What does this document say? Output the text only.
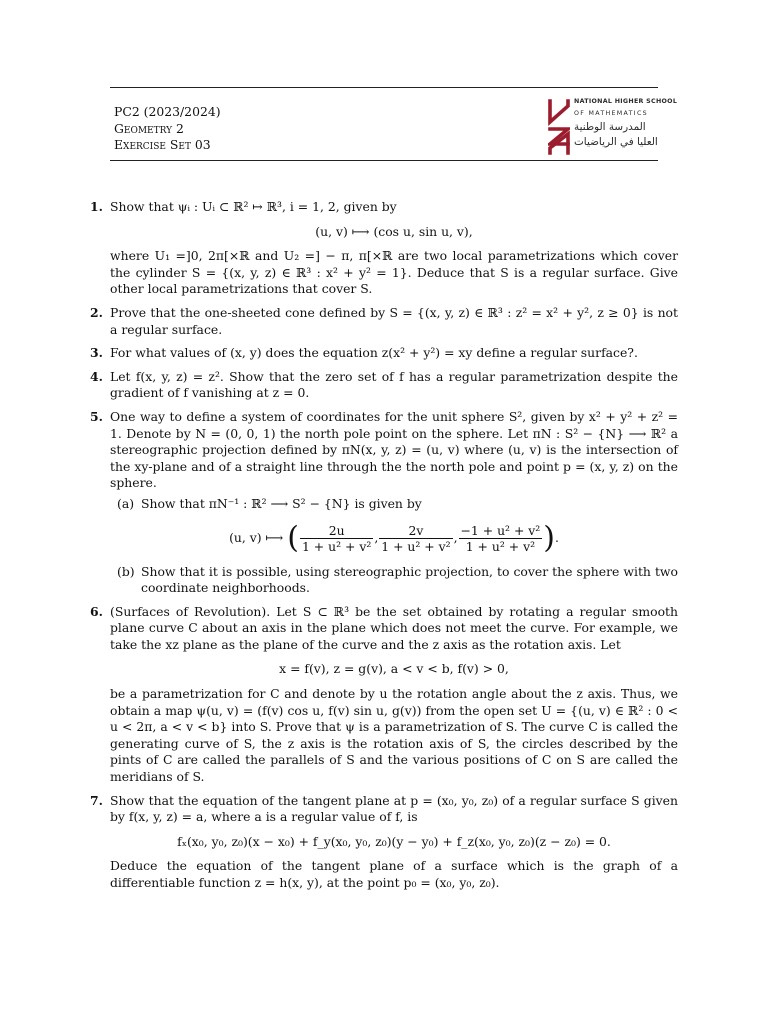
PC2 (2023/2024)
Geometry 2
Exercise Set 03
NATIONAL HIGHER SCHOOL
OF MATHEMATICS
المدرسة الوطنية
العليا في الرياضيات
1. Show that ψᵢ : Uᵢ ⊂ ℝ² ↦ ℝ³, i = 1, 2, given by

(u, v) ⟼ (cos u, sin u, v),

where U₁ =]0, 2π[×ℝ and U₂ =] − π, π[×ℝ are two local parametrizations which cover the cylinder S = {(x, y, z) ∈ ℝ³ : x² + y² = 1}. Deduce that S is a regular surface. Give other local parametrizations that cover S.

2. Prove that the one-sheeted cone defined by S = {(x, y, z) ∈ ℝ³ : z² = x² + y², z ≥ 0} is not a regular surface.

3. For what values of (x, y) does the equation z(x² + y²) = xy define a regular surface?.

4. Let f(x, y, z) = z². Show that the zero set of f has a regular parametrization despite the gradient of f vanishing at z = 0.

5. One way to define a system of coordinates for the unit sphere S², given by x² + y² + z² = 1. Denote by N = (0, 0, 1) the north pole point on the sphere. Let πN : S² − {N} ⟶ ℝ² a stereographic projection defined by πN(x, y, z) = (u, v) where (u, v) is the intersection of the xy-plane and of a straight line through the the north pole and point p = (x, y, z) on the sphere.

(a) Show that πN⁻¹ : ℝ² ⟶ S² − {N} is given by

(u, v) ⟼ ( $\frac{2u}{\text{1 + u² + v²}}$ , $\frac{2v}{\text{1 + u² + v²}}$ , $\frac{\text{−1 + u² + v²}}{\text{1 + u² + v²}}$ ).
(b) Show that it is possible, using stereographic projection, to cover the sphere with two coordinate neighborhoods.

6. (Surfaces of Revolution). Let S ⊂ ℝ³ be the set obtained by rotating a regular smooth plane curve C about an axis in the plane which does not meet the curve. For example, we take the xz plane as the plane of the curve and the z axis as the rotation axis. Let

x = f(v), z = g(v), a < v < b, f(v) > 0,

be a parametrization for C and denote by u the rotation angle about the z axis. Thus, we obtain a map ψ(u, v) = (f(v) cos u, f(v) sin u, g(v)) from the open set U = {(u, v) ∈ ℝ² : 0 < u < 2π, a < v < b} into S. Prove that ψ is a parametrization of S. The curve C is called the generating curve of S, the z axis is the rotation axis of S, the circles described by the pints of C are called the parallels of S and the various positions of C on S are called the meridians of S.

7. Show that the equation of the tangent plane at p = (x₀, y₀, z₀) of a regular surface S given by f(x, y, z) = a, where a is a regular value of f, is

fₓ(x₀, y₀, z₀)(x − x₀) + f_y(x₀, y₀, z₀)(y − y₀) + f_z(x₀, y₀, z₀)(z − z₀) = 0.

Deduce the equation of the tangent plane of a surface which is the graph of a differentiable function z = h(x, y), at the point p₀ = (x₀, y₀, z₀).
